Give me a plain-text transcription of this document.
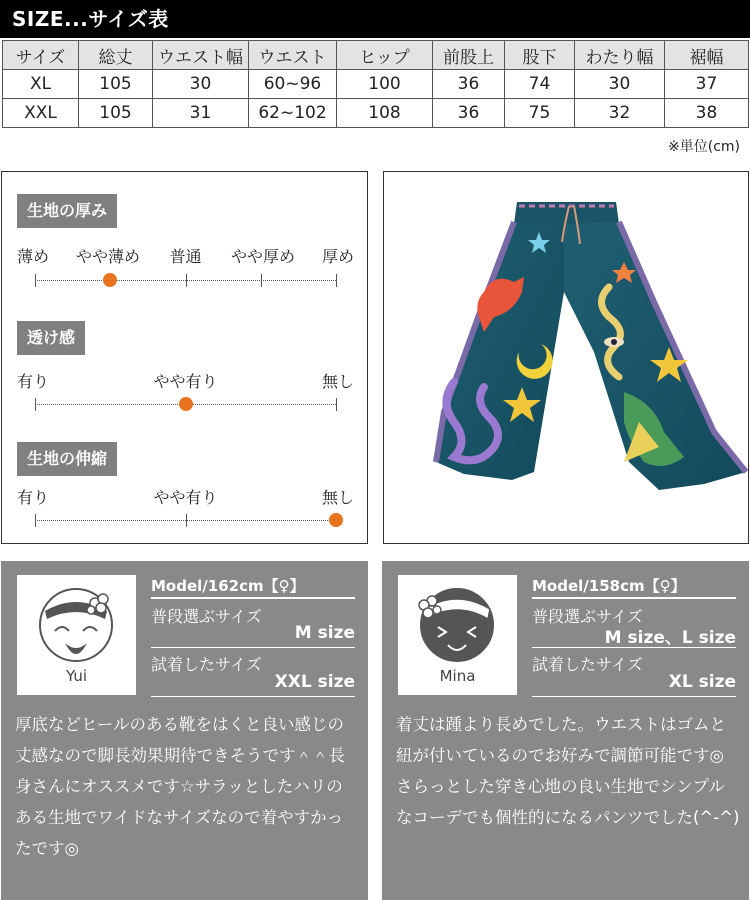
SIZE...サイズ表
サイズ	総丈	ウエスト幅	ウエスト	ヒップ	前股上	股下	わたり幅	裾幅
XL	105	30	60~96	100	36	74	30	37
XXL	105	31	62~102	108	36	75	32	38
※単位(cm)
生地の厚み
薄め やや薄め 普通 やや厚め 厚め
透け感
有り	やや有り	無し
生地の伸縮
有り	やや有り	無し
Yui
Model/162cm【♀】
普段選ぶサイズ
M size
試着したサイズ
XXL size
厚底などヒールのある靴をはくと良い感じの丈感なので脚長効果期待できそうです＾＾長身さんにオススメです☆サラッとしたハリのある生地でワイドなサイズなので着やすかったです◎
Mina
Model/158cm【♀】
普段選ぶサイズ
M size、L size
試着したサイズ
XL size
着丈は踵より長めでした。ウエストはゴムと紐が付いているのでお好みで調節可能です◎さらっとした穿き心地の良い生地でシンプルなコーデでも個性的になるパンツでした(^-^)
